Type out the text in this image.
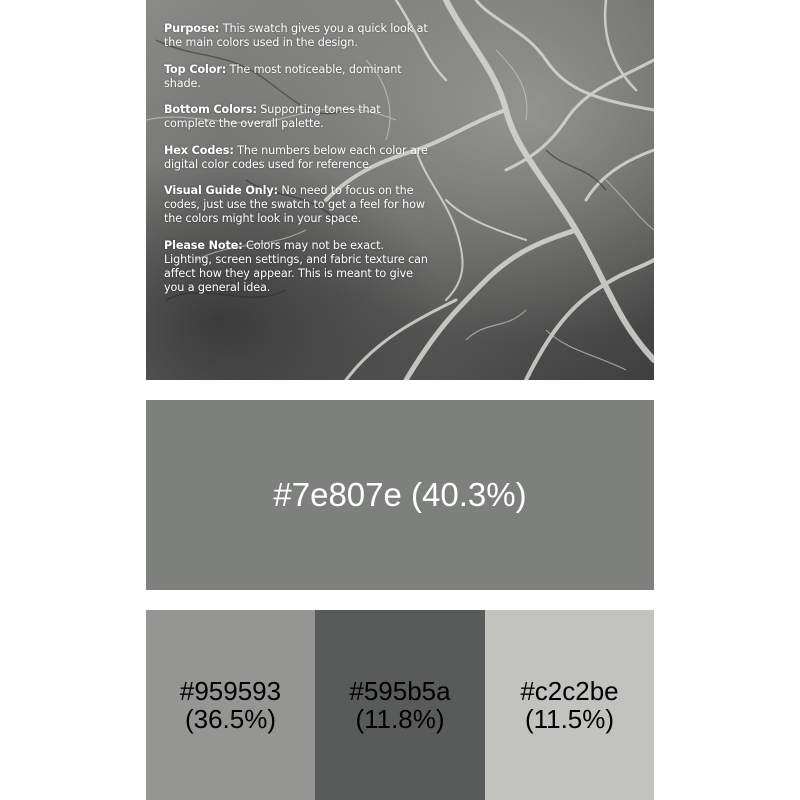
Purpose: This swatch gives you a quick look at the main colors used in the design.
Top Color: The most noticeable, dominant shade.
Bottom Colors: Supporting tones that complete the overall palette.
Hex Codes: The numbers below each color are digital color codes used for reference.
Visual Guide Only: No need to focus on the codes, just use the swatch to get a feel for how the colors might look in your space.
Please Note: Colors may not be exact. Lighting, screen settings, and fabric texture can affect how they appear. This is meant to give you a general idea.
#7e807e (40.3%)
#959593
(36.5%)
#595b5a
(11.8%)
#c2c2be
(11.5%)
